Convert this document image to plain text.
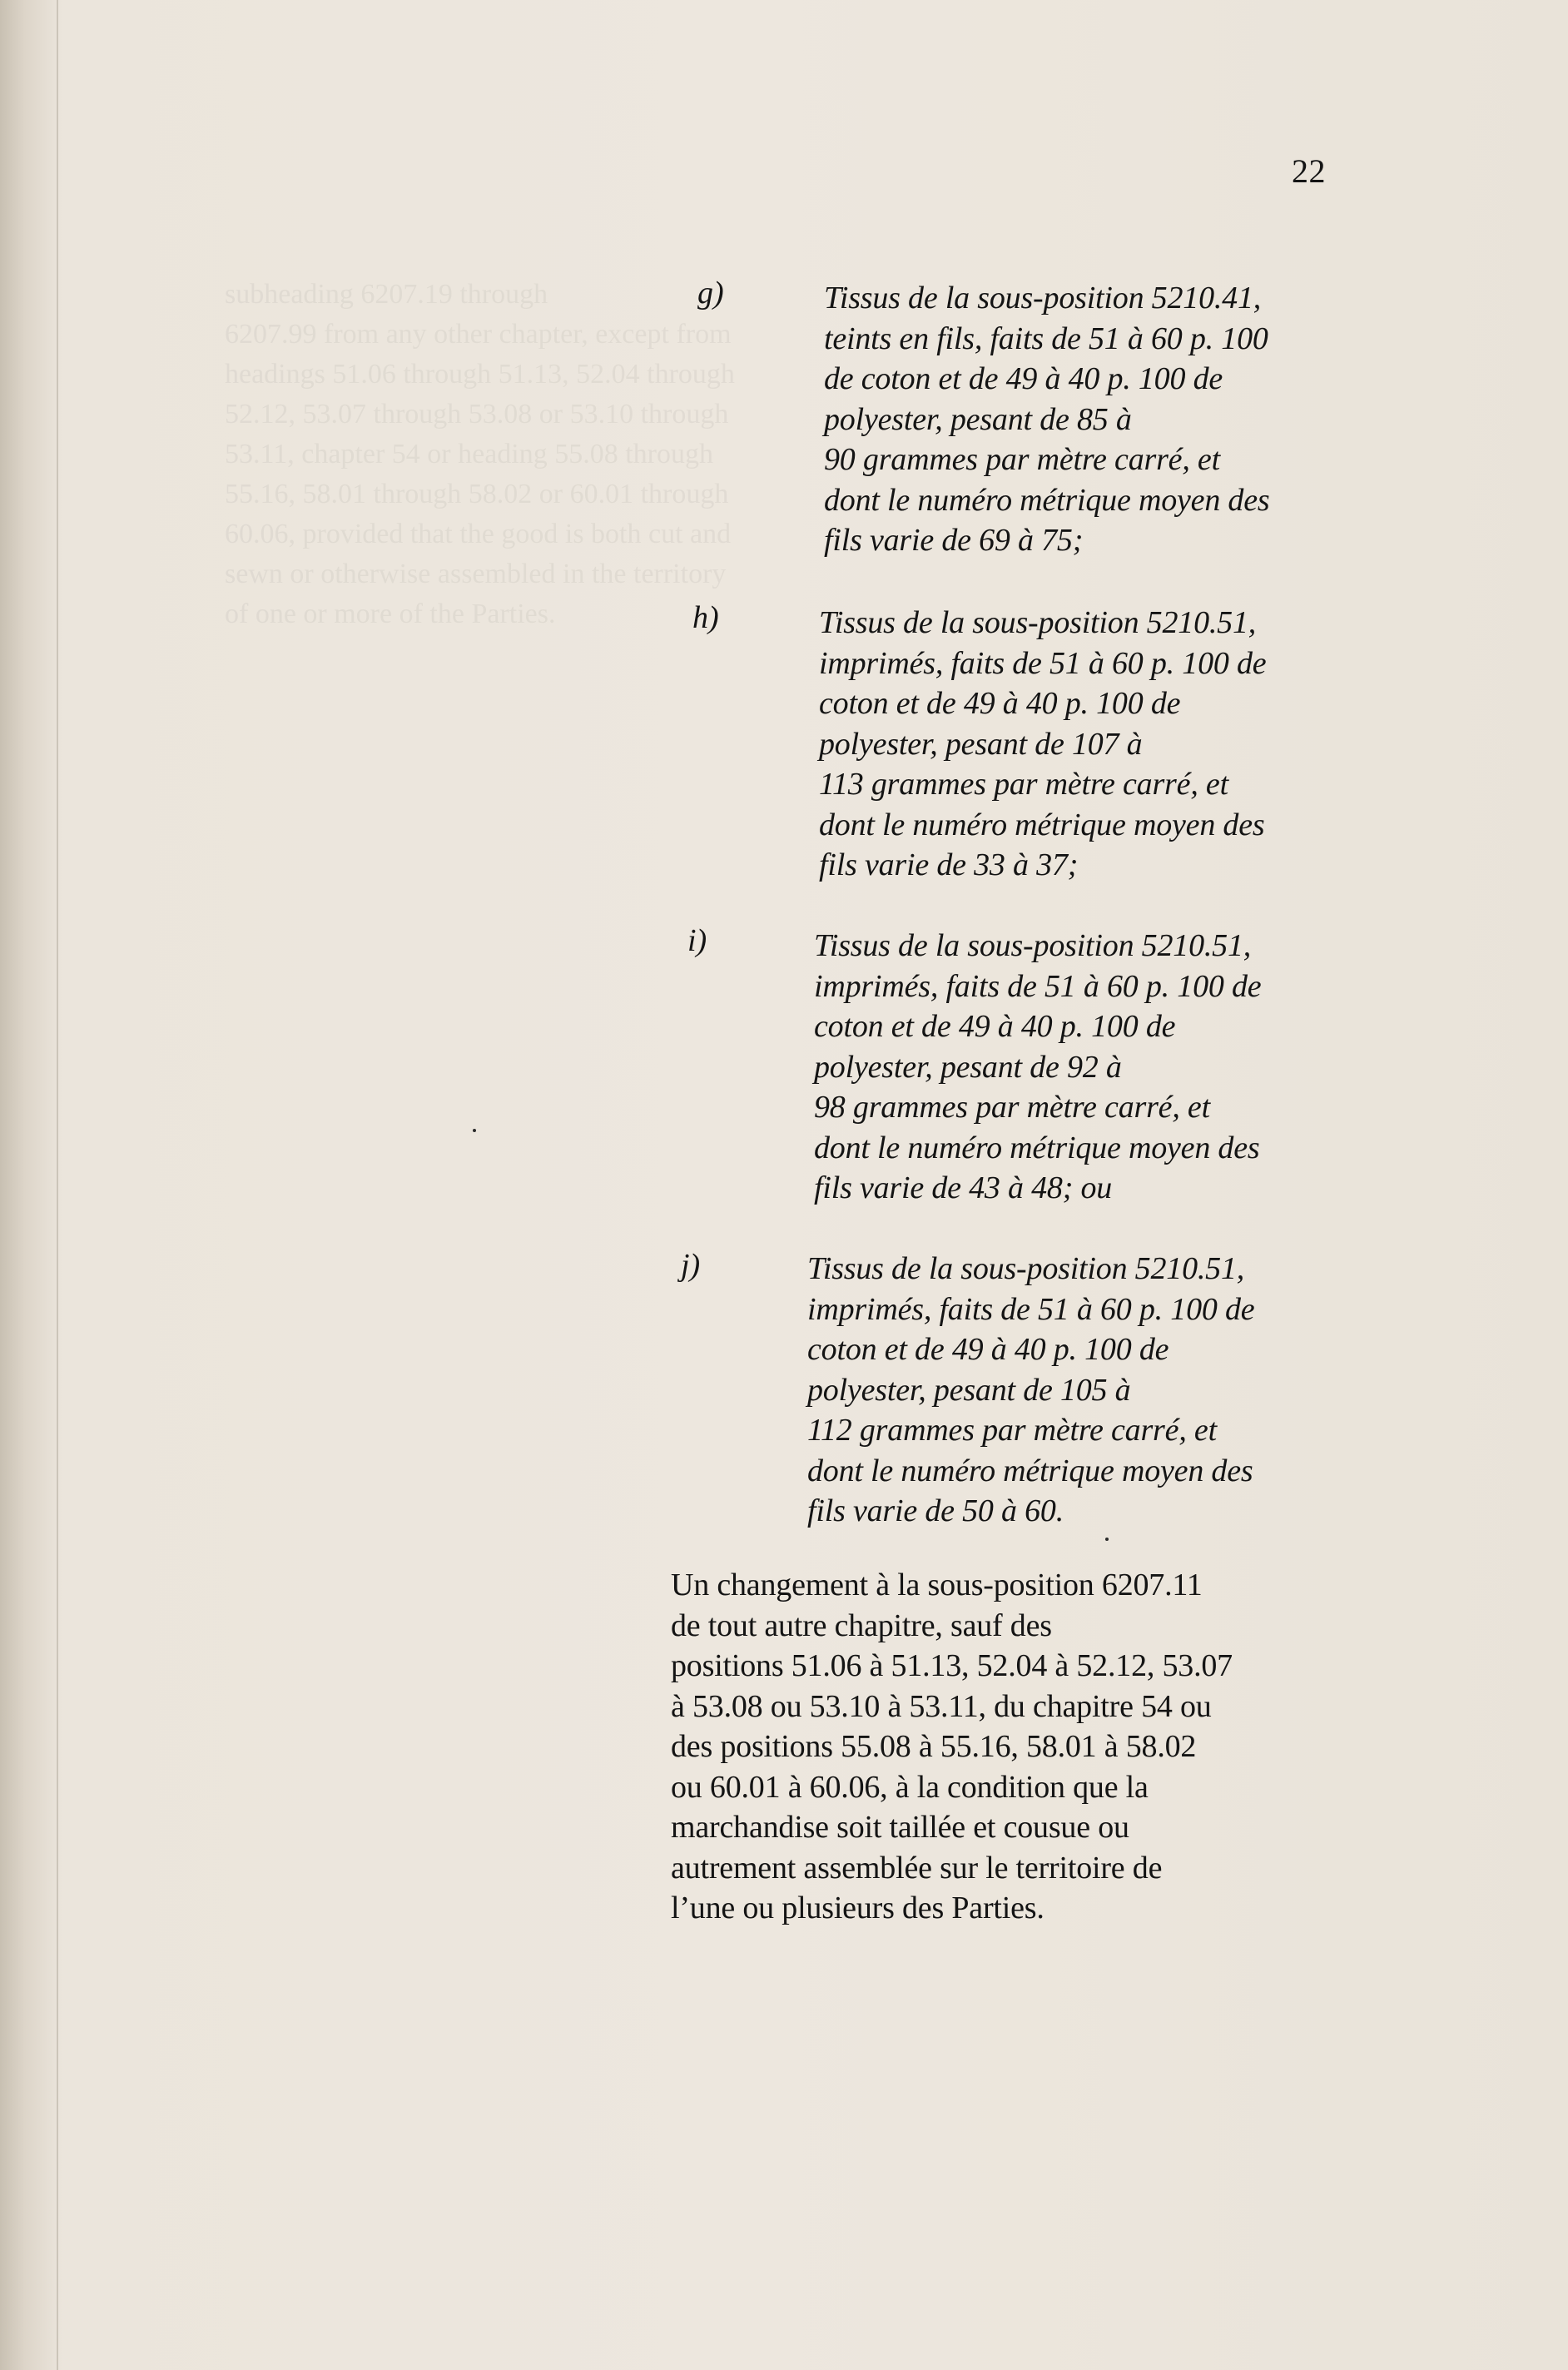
subheading 6207.19 through
6207.99 from any other chapter, except from
headings 51.06 through 51.13, 52.04 through
52.12, 53.07 through 53.08 or 53.10 through
53.11, chapter 54 or heading 55.08 through
55.16, 58.01 through 58.02 or 60.01 through
60.06, provided that the good is both cut and
sewn or otherwise assembled in the territory
of one or more of the Parties.
22
g)	Tissus de la sous-position 5210.41,
teints en fils, faits de 51 à 60 p. 100
de coton et de 49 à 40 p. 100 de
polyester, pesant de 85 à
90 grammes par mètre carré, et
dont le numéro métrique moyen des
fils varie de 69 à 75;
h)	Tissus de la sous-position 5210.51,
imprimés, faits de 51 à 60 p. 100 de
coton et de 49 à 40 p. 100 de
polyester, pesant de 107 à
113 grammes par mètre carré, et
dont le numéro métrique moyen des
fils varie de 33 à 37;
i)	Tissus de la sous-position 5210.51,
imprimés, faits de 51 à 60 p. 100 de
coton et de 49 à 40 p. 100 de
polyester, pesant de 92 à
98 grammes par mètre carré, et
dont le numéro métrique moyen des
fils varie de 43 à 48; ou
j)	Tissus de la sous-position 5210.51,
imprimés, faits de 51 à 60 p. 100 de
coton et de 49 à 40 p. 100 de
polyester, pesant de 105 à
112 grammes par mètre carré, et
dont le numéro métrique moyen des
fils varie de 50 à 60.
Un changement à la sous-position 6207.11
de tout autre chapitre, sauf des
positions 51.06 à 51.13, 52.04 à 52.12, 53.07
à 53.08 ou 53.10 à 53.11, du chapitre 54 ou
des positions 55.08 à 55.16, 58.01 à 58.02
ou 60.01 à 60.06, à la condition que la
marchandise soit taillée et cousue ou
autrement assemblée sur le territoire de
l’une ou plusieurs des Parties.
